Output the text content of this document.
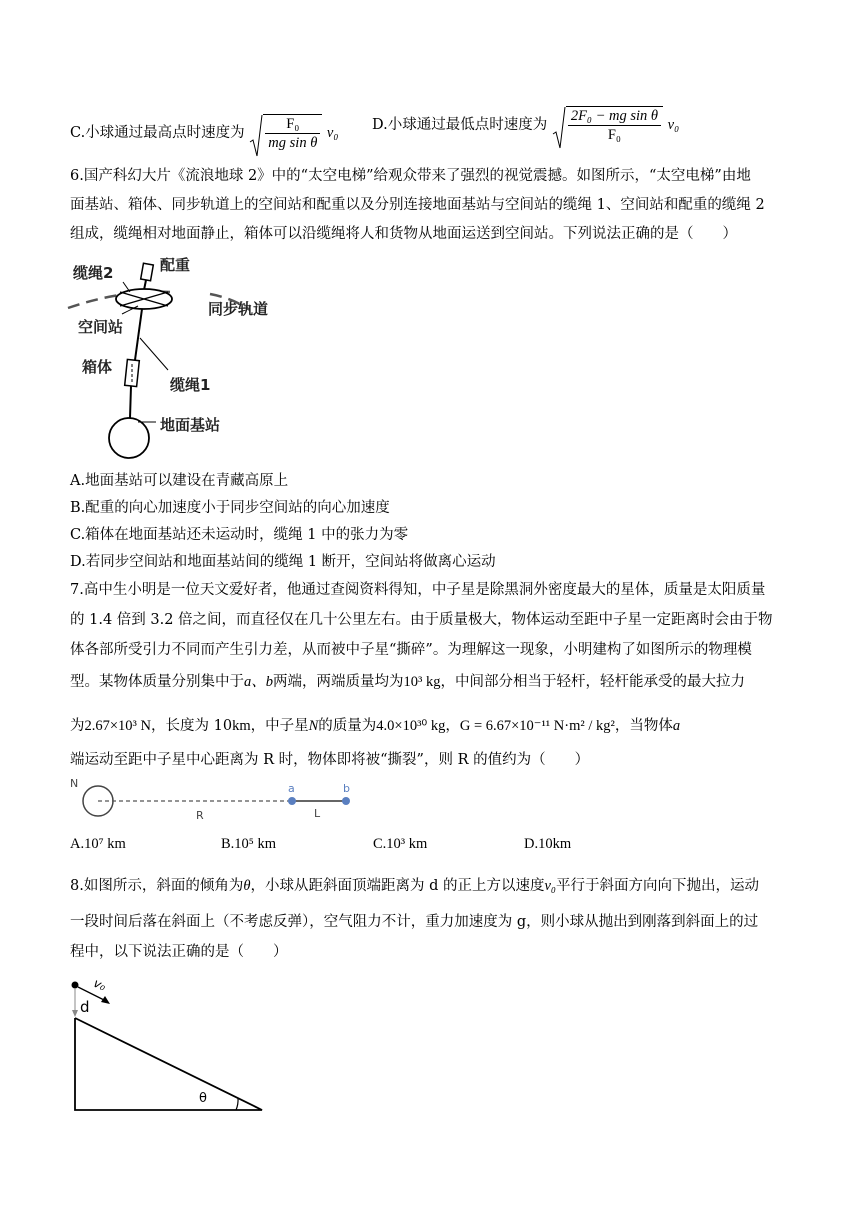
C.小球通过最高点时速度为 $\frac{\text{F₀}}{\text{mg sin θ}} v_0$ D.小球通过最低点时速度为 $\frac{\text{2F₀ − mg sin θ}}{\text{F₀}} v_0$
6.国产科幻大片《流浪地球 2》中的“太空电梯”给观众带来了强烈的视觉震撼。如图所示，“太空电梯”由地
面基站、箱体、同步轨道上的空间站和配重以及分别连接地面基站与空间站的缆绳 1、空间站和配重的缆绳 2
组成，缆绳相对地面静止，箱体可以沿缆绳将人和货物从地面运送到空间站。下列说法正确的是（　　）
缆绳2	配重
同步轨道
空间站
箱体
缆绳1
地面基站
A.地面基站可以建设在青藏高原上
B.配重的向心加速度小于同步空间站的向心加速度
C.箱体在地面基站还未运动时，缆绳 1 中的张力为零
D.若同步空间站和地面基站间的缆绳 1 断开，空间站将做离心运动
7.高中生小明是一位天文爱好者，他通过查阅资料得知，中子星是除黑洞外密度最大的星体，质量是太阳质量
的 1.4 倍到 3.2 倍之间，而直径仅在几十公里左右。由于质量极大，物体运动至距中子星一定距离时会由于物
体各部所受引力不同而产生引力差，从而被中子星“撕碎”。为理解这一现象，小明建构了如图所示的物理模
型。某物体质量分别集中于a、b两端，两端质量均为10³ kg，中间部分相当于轻杆，轻杆能承受的最大拉力
为2.67×10³ N，长度为 10km，中子星N的质量为4.0×10³⁰ kg，G = 6.67×10⁻¹¹ N·m² / kg²，当物体a
端运动至距中子星中心距离为 R 时，物体即将被“撕裂”，则 R 的值约为（　　）
N
R
a	b
L
A.10⁷ km	B.10⁵ km	C.10³ km	D.10km
8.如图所示，斜面的倾角为θ，小球从距斜面顶端距离为 d 的正上方以速度v₀平行于斜面方向向下抛出，运动
一段时间后落在斜面上（不考虑反弹），空气阻力不计，重力加速度为 g，则小球从抛出到刚落到斜面上的过
程中，以下说法正确的是（　　）
v₀
d
θ
